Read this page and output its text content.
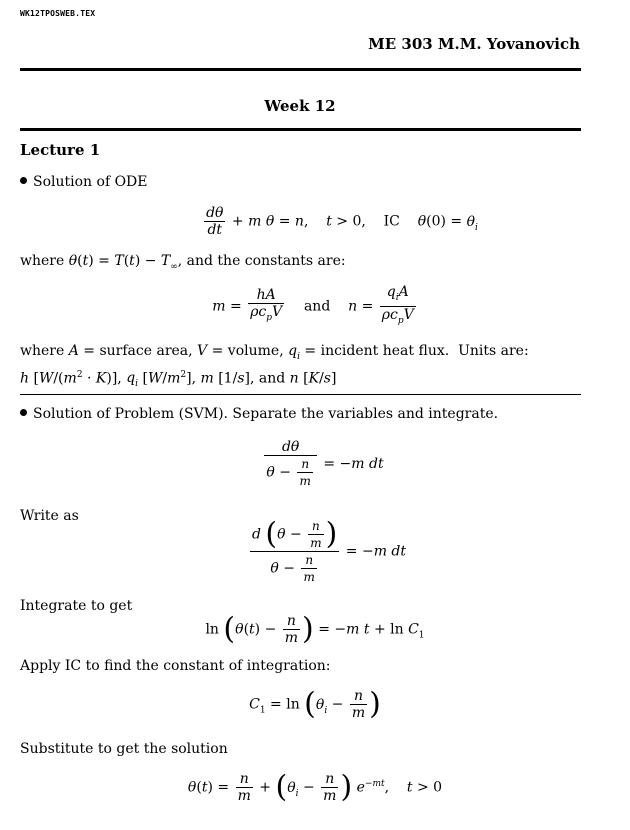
WK12TPOSWEB.TEX
ME 303 M.M. Yovanovich
Week 12
Lecture 1
Solution of ODE
$\frac{d\theta}{dt} + m$ θ = n,    t > 0,    IC    $\theta(0) = \theta_i$
where $\theta(t) = T(t) - T_\infty$, and the constants are:
$m = \frac{hA}{\rho c_pV}$ and    $n = \frac{q_iA}{\rho c_pV}$
where A = surface area, V = volume, $q_i$ = incident heat flux.  Units are:
h $[W/(m^2 \cdot K)]$, $q_i$ $[W/m^2]$, m [1/s], and n [K/s]
Solution of Problem (SVM). Separate the variables and integrate.
$\frac{d\theta}{\theta - \frac{n}{m}} = -m$ dt
Write as
$\frac{d (\theta - \frac{n}{m} )}{\theta - \frac{n}{m}} = -m$ dt
Integrate to get
$\ln (\theta(t) - \frac{n}{m}$ ) = −m $t + \ln C_1$
Apply IC to find the constant of integration:
$C_1 = \ln (\theta_i - \frac{n}{m}$ )
Substitute to get the solution
$\theta(t) = \frac{n}{m} + (\theta_i - \frac{n}{m}$ ) $e^{-mt}$,    t > 0
